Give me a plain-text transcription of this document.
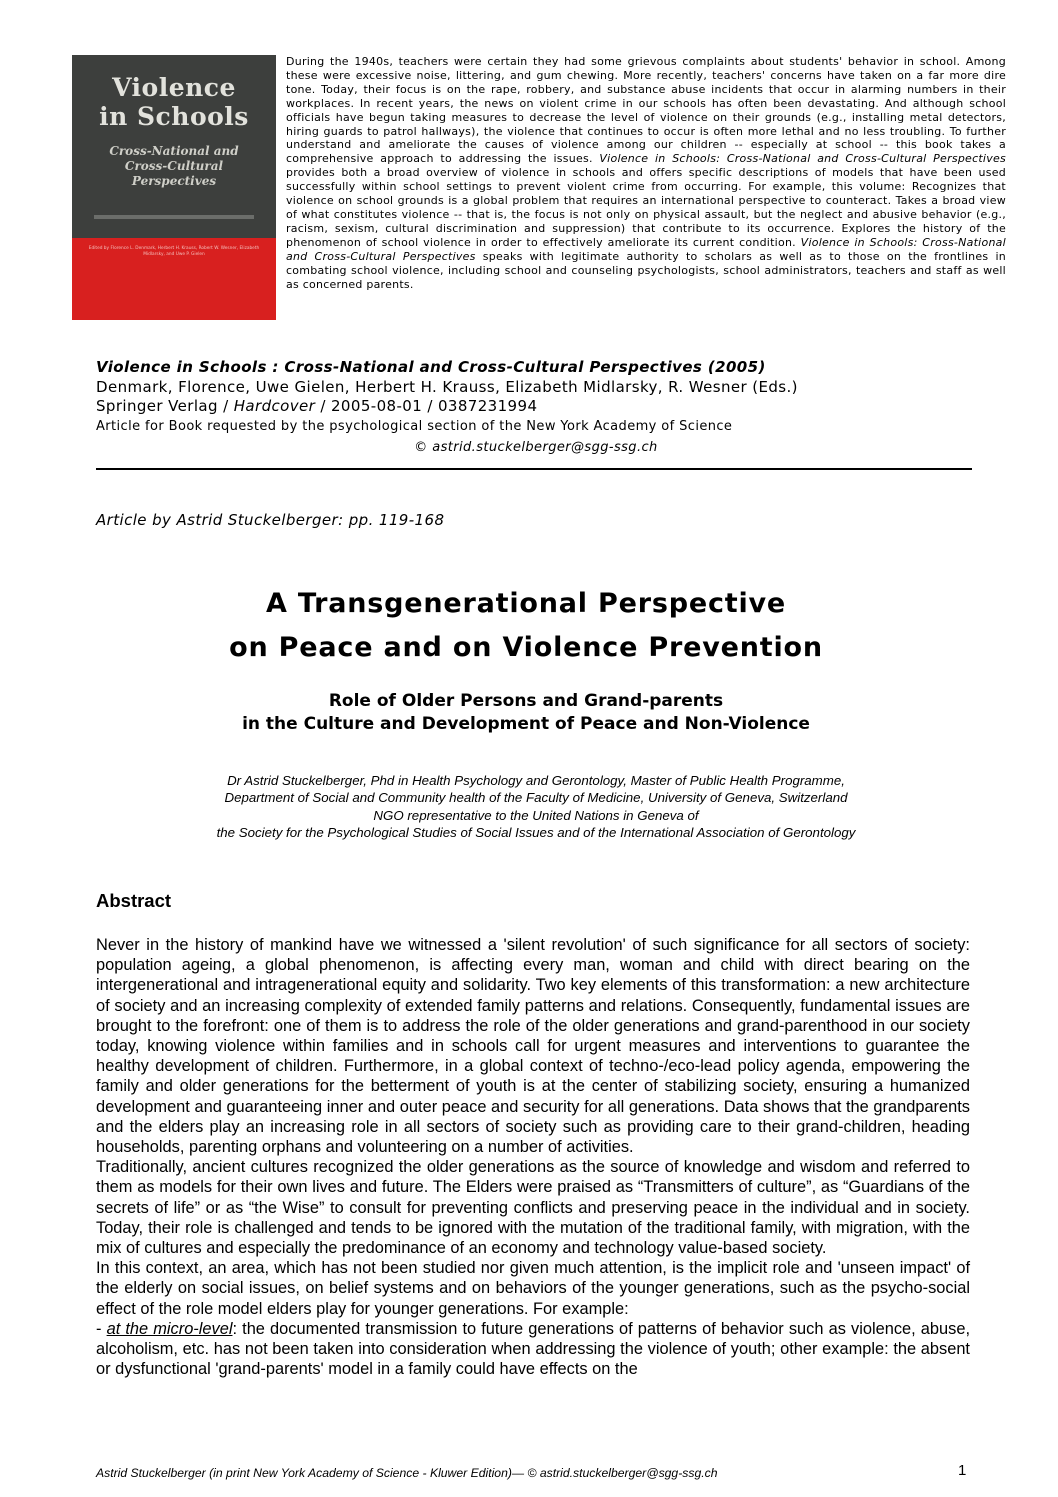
Violence
in Schools
Cross-National and
Cross-Cultural
Perspectives
Edited by Florence L. Denmark, Herbert H. Krauss, Robert W. Wesner, Elizabeth Midlarsky, and Uwe P. Gielen

During the 1940s, teachers were certain they had some grievous complaints about students' behavior in school. Among these were excessive noise, littering, and gum chewing. More recently, teachers' concerns have taken on a far more dire tone. Today, their focus is on the rape, robbery, and substance abuse incidents that occur in alarming numbers in their workplaces. In recent years, the news on violent crime in our schools has often been devastating. And although school officials have begun taking measures to decrease the level of violence on their grounds (e.g., installing metal detectors, hiring guards to patrol hallways), the violence that continues to occur is often more lethal and no less troubling. To further understand and ameliorate the causes of violence among our children -- especially at school -- this book takes a comprehensive approach to addressing the issues. Violence in Schools: Cross-National and Cross-Cultural Perspectives provides both a broad overview of violence in schools and offers specific descriptions of models that have been used successfully within school settings to prevent violent crime from occurring. For example, this volume: Recognizes that violence on school grounds is a global problem that requires an international perspective to counteract. Takes a broad view of what constitutes violence -- that is, the focus is not only on physical assault, but the neglect and abusive behavior (e.g., racism, sexism, cultural discrimination and suppression) that contribute to its occurrence. Explores the history of the phenomenon of school violence in order to effectively ameliorate its current condition. Violence in Schools: Cross-National and Cross-Cultural Perspectives speaks with legitimate authority to scholars as well as to those on the frontlines in combating school violence, including school and counseling psychologists, school administrators, teachers and staff as well as concerned parents.

Violence in Schools : Cross-National and Cross-Cultural Perspectives (2005)
Denmark, Florence, Uwe Gielen, Herbert H. Krauss, Elizabeth Midlarsky, R. Wesner (Eds.)
Springer Verlag / Hardcover / 2005-08-01 / 0387231994
Article for Book requested by the psychological section of the New York Academy of Science
© astrid.stuckelberger@sgg-ssg.ch
Article by Astrid Stuckelberger: pp. 119-168
A Transgenerational Perspective
on Peace and on Violence Prevention
Role of Older Persons and Grand-parents
in the Culture and Development of Peace and Non-Violence
Dr Astrid Stuckelberger, Phd in Health Psychology and Gerontology, Master of Public Health Programme,
Department of Social and Community health of the Faculty of Medicine, University of Geneva, Switzerland
NGO representative to the United Nations in Geneva of
the Society for the Psychological Studies of Social Issues and of the International Association of Gerontology
Abstract

Never in the history of mankind have we witnessed a 'silent revolution' of such significance for all sectors of society: population ageing, a global phenomenon, is affecting every man, woman and child with direct bearing on the intergenerational and intragenerational equity and solidarity. Two key elements of this transformation: a new architecture of society and an increasing complexity of extended family patterns and relations. Consequently, fundamental issues are brought to the forefront: one of them is to address the role of the older generations and grand-parenthood in our society today, knowing violence within families and in schools call for urgent measures and interventions to guarantee the healthy development of children. Furthermore, in a global context of techno-/eco-lead policy agenda, empowering the family and older generations for the betterment of youth is at the center of stabilizing society, ensuring a humanized development and guaranteeing inner and outer peace and security for all generations. Data shows that the grandparents and the elders play an increasing role in all sectors of society such as providing care to their grand-children, heading households, parenting orphans and volunteering on a number of activities.

Traditionally, ancient cultures recognized the older generations as the source of knowledge and wisdom and referred to them as models for their own lives and future. The Elders were praised as “Transmitters of culture”, as “Guardians of the secrets of life” or as “the Wise” to consult for preventing conflicts and preserving peace in the individual and in society. Today, their role is challenged and tends to be ignored with the mutation of the traditional family, with migration, with the mix of cultures and especially the predominance of an economy and technology value-based society.

In this context, an area, which has not been studied nor given much attention, is the implicit role and 'unseen impact' of the elderly on social issues, on belief systems and on behaviors of the younger generations, such as the psycho-social effect of the role model elders play for younger generations. For example:

- at the micro-level: the documented transmission to future generations of patterns of behavior such as violence, abuse, alcoholism, etc. has not been taken into consideration when addressing the violence of youth; other example: the absent or dysfunctional 'grand-parents' model in a family could have effects on the

Astrid Stuckelberger (in print New York Academy of Science - Kluwer Edition)— © astrid.stuckelberger@sgg-ssg.ch	1
